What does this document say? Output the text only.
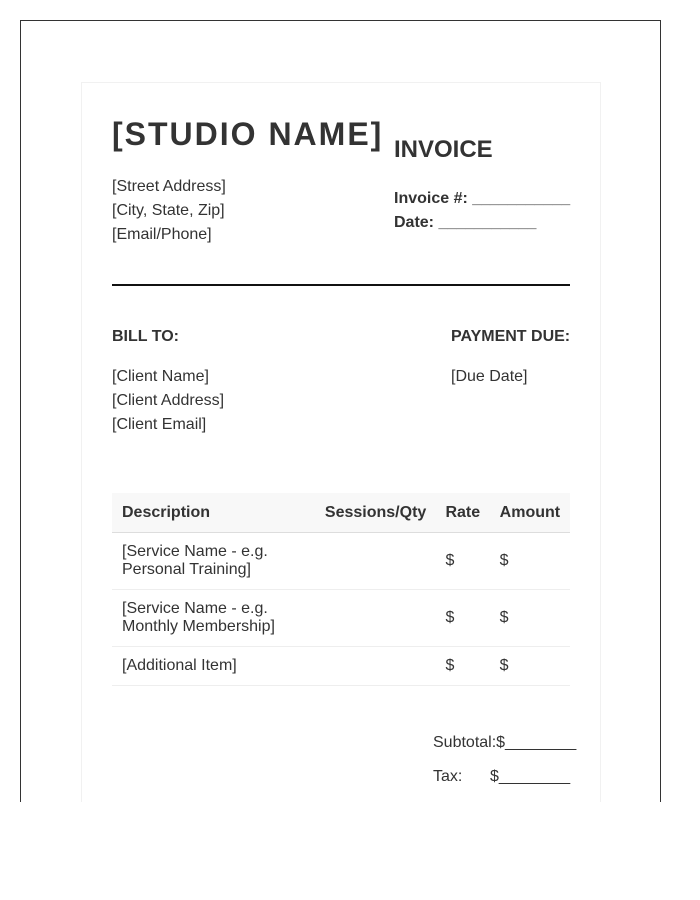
[STUDIO NAME] INVOICE
[Street Address]
[City, State, Zip]
[Email/Phone]
Invoice #: ___________
Date: ___________
BILL TO:
[Client Name]
[Client Address]
[Client Email]
PAYMENT DUE:
[Due Date]
Description	Sessions/Qty	Rate	Amount

[Service Name - e.g.
Personal Training]		$	$

[Service Name - e.g.
Monthly Membership]		$	$

[Additional Item]		$	$
Subtotal:$________
Tax: $________
